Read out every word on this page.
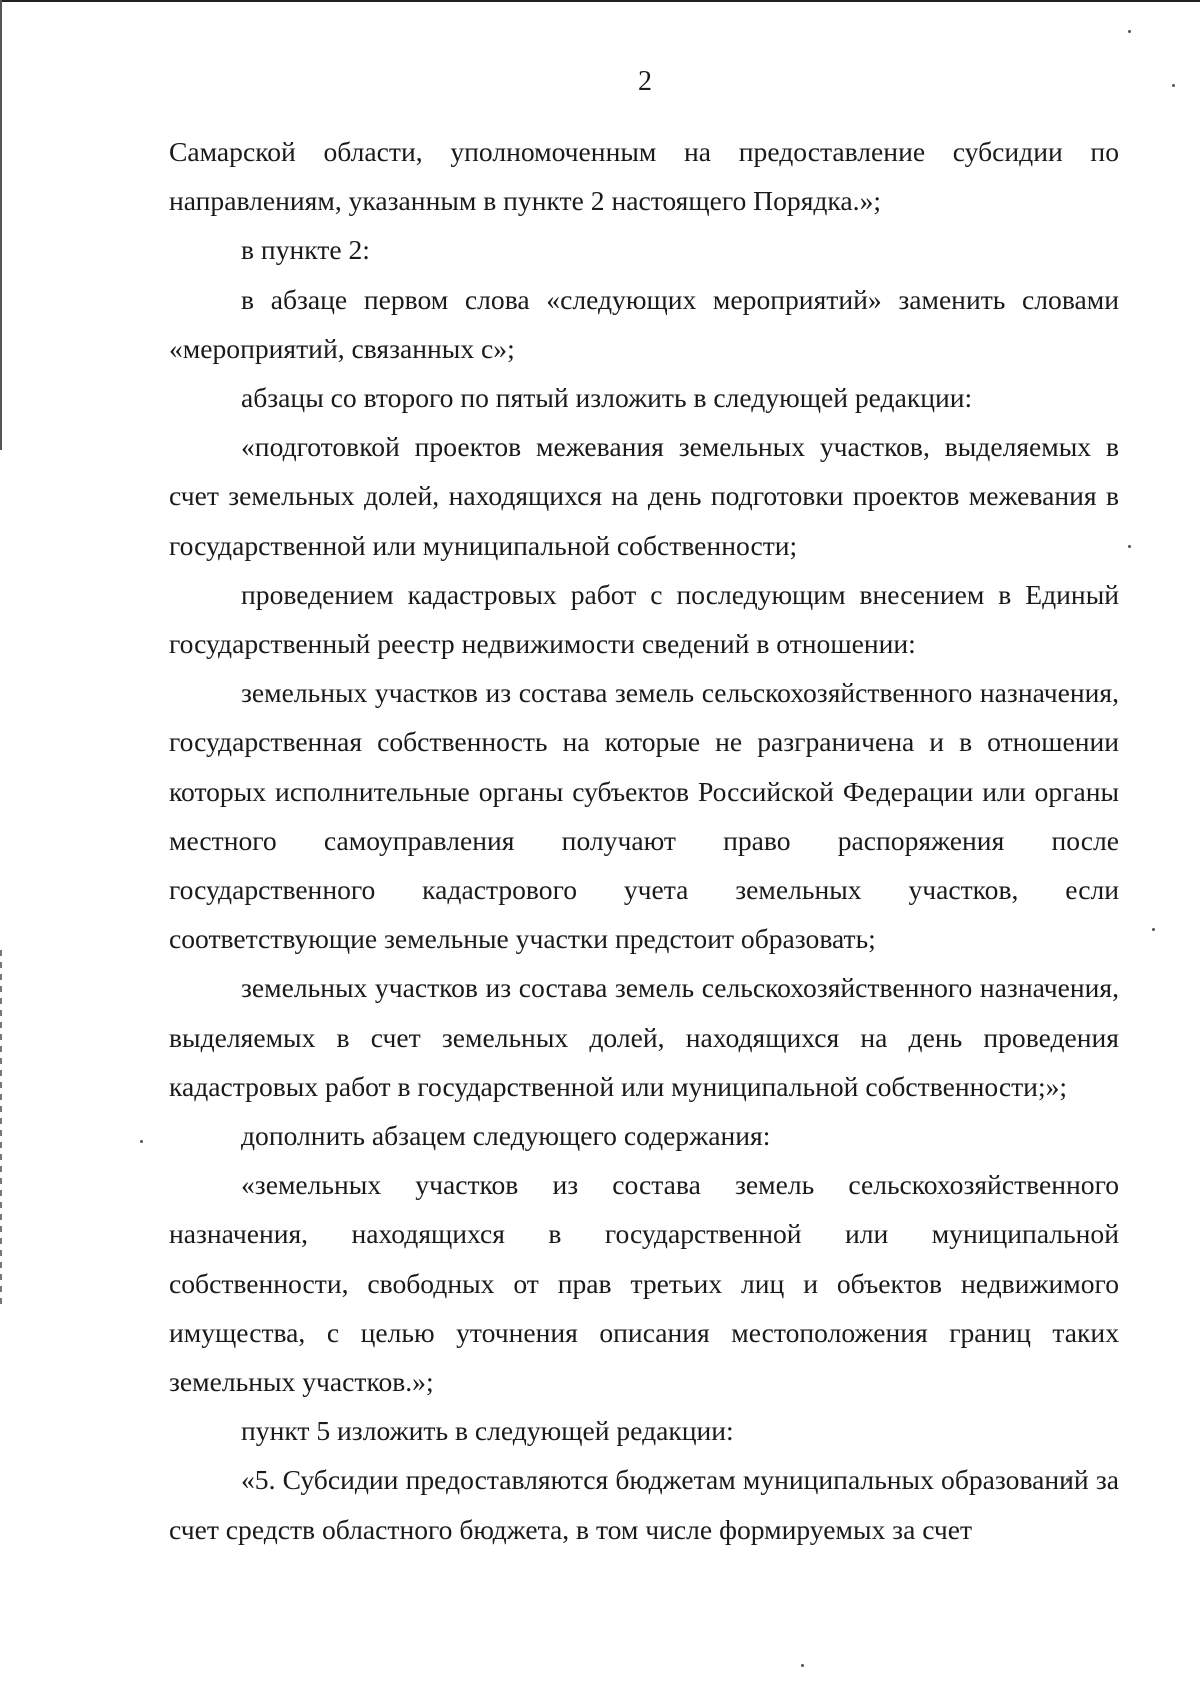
2

Самарской области, уполномоченным на предоставление субсидии по направлениям, указанным в пункте 2 настоящего Порядка.»;

в пункте 2:

в абзаце первом слова «следующих мероприятий» заменить словами «мероприятий, связанных с»;

абзацы со второго по пятый изложить в следующей редакции:

«подготовкой проектов межевания земельных участков, выделяемых в счет земельных долей, находящихся на день подготовки проектов межевания в государственной или муниципальной собственности;

проведением кадастровых работ с последующим внесением в Единый государственный реестр недвижимости сведений в отношении:

земельных участков из состава земель сельскохозяйственного назначения, государственная собственность на которые не разграничена и в отношении которых исполнительные органы субъектов Российской Федерации или органы местного самоуправления получают право распоряжения после государственного кадастрового учета земельных участков, если соответствующие земельные участки предстоит образовать;

земельных участков из состава земель сельскохозяйственного назначения, выделяемых в счет земельных долей, находящихся на день проведения кадастровых работ в государственной или муниципальной собственности;»;

дополнить абзацем следующего содержания:

«земельных участков из состава земель сельскохозяйственного назначения, находящихся в государственной или муниципальной собственности, свободных от прав третьих лиц и объектов недвижимого имущества, с целью уточнения описания местоположения границ таких земельных участков.»;

пункт 5 изложить в следующей редакции:

«5. Субсидии предоставляются бюджетам муниципальных образований за счет средств областного бюджета, в том числе формируемых за счет
